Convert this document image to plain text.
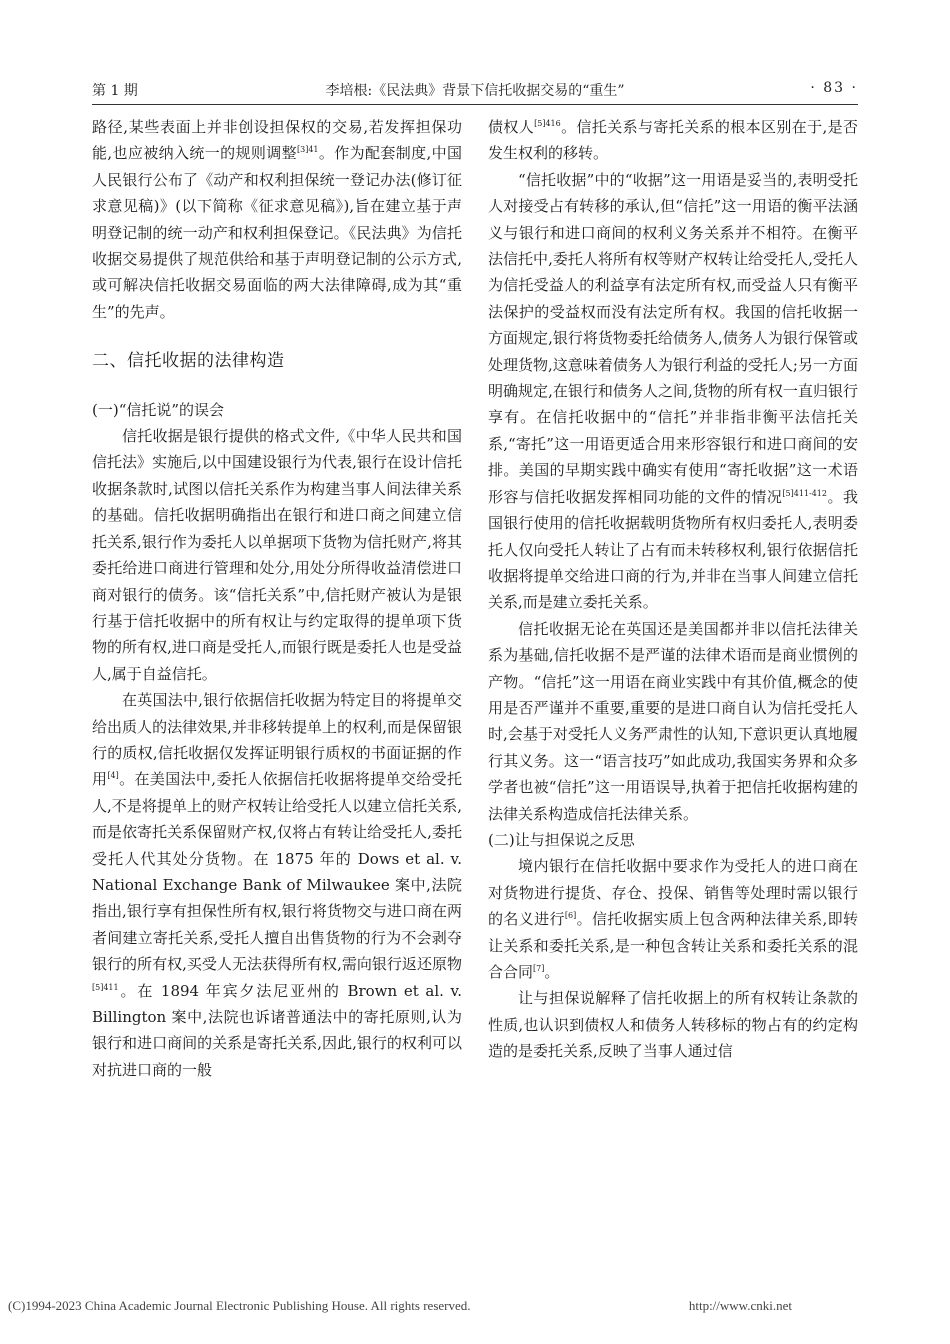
第 1 期	李培根:《民法典》背景下信托收据交易的“重生”	· 83 ·

路径,某些表面上并非创设担保权的交易,若发挥担保功能,也应被纳入统一的规则调整$^{[3]41}$。作为配套制度,中国人民银行公布了《动产和权利担保统一登记办法(修订征求意见稿)》(以下简称《征求意见稿》),旨在建立基于声明登记制的统一动产和权利担保登记。《民法典》为信托收据交易提供了规范供给和基于声明登记制的公示方式,或可解决信托收据交易面临的两大法律障碍,成为其“重生”的先声。

二、信托收据的法律构造
(一)“信托说”的误会

信托收据是银行提供的格式文件,《中华人民共和国信托法》实施后,以中国建设银行为代表,银行在设计信托收据条款时,试图以信托关系作为构建当事人间法律关系的基础。信托收据明确指出在银行和进口商之间建立信托关系,银行作为委托人以单据项下货物为信托财产,将其委托给进口商进行管理和处分,用处分所得收益清偿进口商对银行的债务。该“信托关系”中,信托财产被认为是银行基于信托收据中的所有权让与约定取得的提单项下货物的所有权,进口商是受托人,而银行既是委托人也是受益人,属于自益信托。

在英国法中,银行依据信托收据为特定目的将提单交给出质人的法律效果,并非移转提单上的权利,而是保留银行的质权,信托收据仅发挥证明银行质权的书面证据的作用[4]。在美国法中,委托人依据信托收据将提单交给受托人,不是将提单上的财产权转让给受托人以建立信托关系,而是依寄托关系保留财产权,仅将占有转让给受托人,委托受托人代其处分货物。在 1875 年的 Dows et al. v. National Exchange Bank of Milwaukee 案中,法院指出,银行享有担保性所有权,银行将货物交与进口商在两者间建立寄托关系,受托人擅自出售货物的行为不会剥夺银行的所有权,买受人无法获得所有权,需向银行返还原物$^{[5]411}$。在 1894 年宾夕法尼亚州的 Brown et al. v. Billington 案中,法院也诉诸普通法中的寄托原则,认为银行和进口商间的关系是寄托关系,因此,银行的权利可以对抗进口商的一般

债权人$^{[5]416}$。信托关系与寄托关系的根本区别在于,是否发生权利的移转。

“信托收据”中的“收据”这一用语是妥当的,表明受托人对接受占有转移的承认,但“信托”这一用语的衡平法涵义与银行和进口商间的权利义务关系并不相符。在衡平法信托中,委托人将所有权等财产权转让给受托人,受托人为信托受益人的利益享有法定所有权,而受益人只有衡平法保护的受益权而没有法定所有权。我国的信托收据一方面规定,银行将货物委托给债务人,债务人为银行保管或处理货物,这意味着债务人为银行利益的受托人;另一方面明确规定,在银行和债务人之间,货物的所有权一直归银行享有。在信托收据中的“信托”并非指非衡平法信托关系,“寄托”这一用语更适合用来形容银行和进口商间的安排。美国的早期实践中确实有使用“寄托收据”这一术语形容与信托收据发挥相同功能的文件的情况$^{[5]411-412}$。我国银行使用的信托收据载明货物所有权归委托人,表明委托人仅向受托人转让了占有而未转移权利,银行依据信托收据将提单交给进口商的行为,并非在当事人间建立信托关系,而是建立委托关系。

信托收据无论在英国还是美国都并非以信托法律关系为基础,信托收据不是严谨的法律术语而是商业惯例的产物。“信托”这一用语在商业实践中有其价值,概念的使用是否严谨并不重要,重要的是进口商自认为信托受托人时,会基于对受托人义务严肃性的认知,下意识更认真地履行其义务。这一“语言技巧”如此成功,我国实务界和众多学者也被“信托”这一用语误导,执着于把信托收据构建的法律关系构造成信托法律关系。

(二)让与担保说之反思

境内银行在信托收据中要求作为受托人的进口商在对货物进行提货、存仓、投保、销售等处理时需以银行的名义进行[6]。信托收据实质上包含两种法律关系,即转让关系和委托关系,是一种包含转让关系和委托关系的混合合同[7]。

让与担保说解释了信托收据上的所有权转让条款的性质,也认识到债权人和债务人转移标的物占有的约定构造的是委托关系,反映了当事人通过信

(C)1994-2023 China Academic Journal Electronic Publishing House. All rights reserved.	http://www.cnki.net
